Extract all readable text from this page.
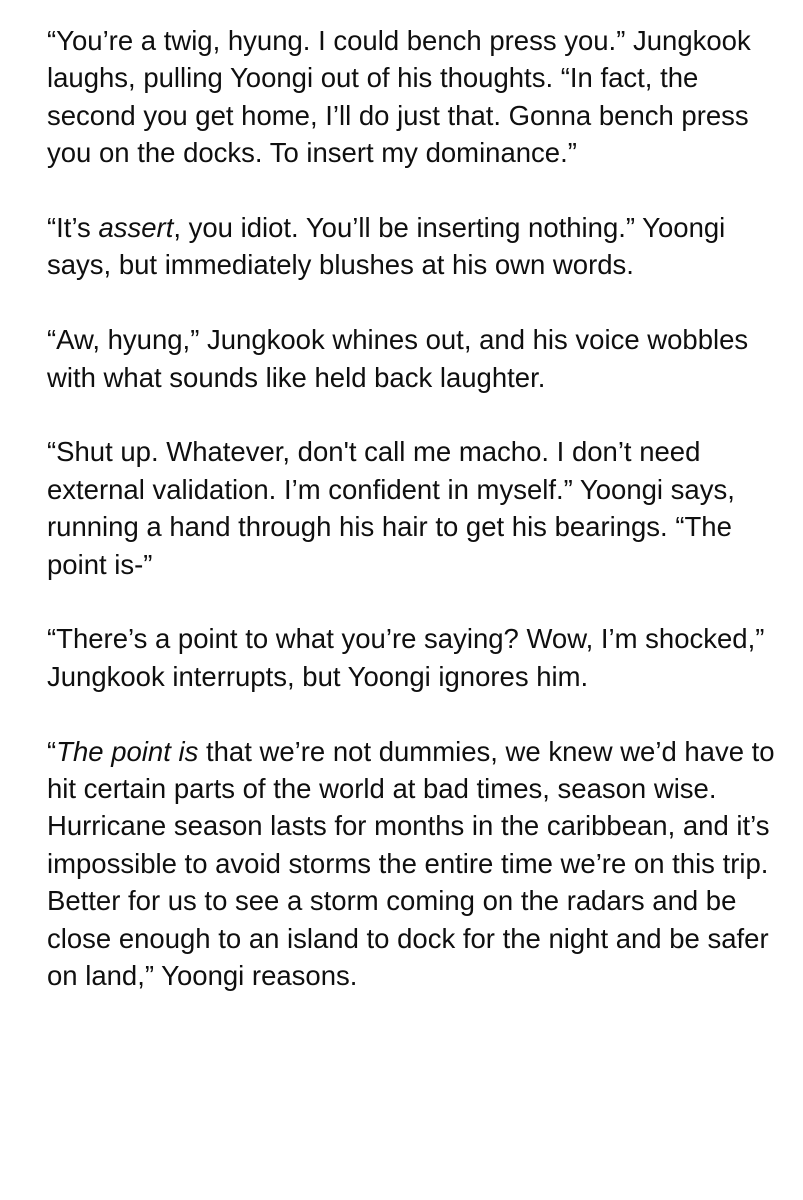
“You’re a twig, hyung. I could bench press you.” Jungkook laughs, pulling Yoongi out of his thoughts. “In fact, the second you get home, I’ll do just that. Gonna bench press you on the docks. To insert my dominance.”

“It’s assert, you idiot. You’ll be inserting nothing.” Yoongi says, but immediately blushes at his own words.

“Aw, hyung,” Jungkook whines out, and his voice wobbles with what sounds like held back laughter.

“Shut up. Whatever, don't call me macho. I don’t need external validation. I’m confident in myself.” Yoongi says, running a hand through his hair to get his bearings. “The point is-”

“There’s a point to what you’re saying? Wow, I’m shocked,” Jungkook interrupts, but Yoongi ignores him.

“The point is that we’re not dummies, we knew we’d have to hit certain parts of the world at bad times, season wise. Hurricane season lasts for months in the caribbean, and it’s impossible to avoid storms the entire time we’re on this trip. Better for us to see a storm coming on the radars and be close enough to an island to dock for the night and be safer on land,” Yoongi reasons.
